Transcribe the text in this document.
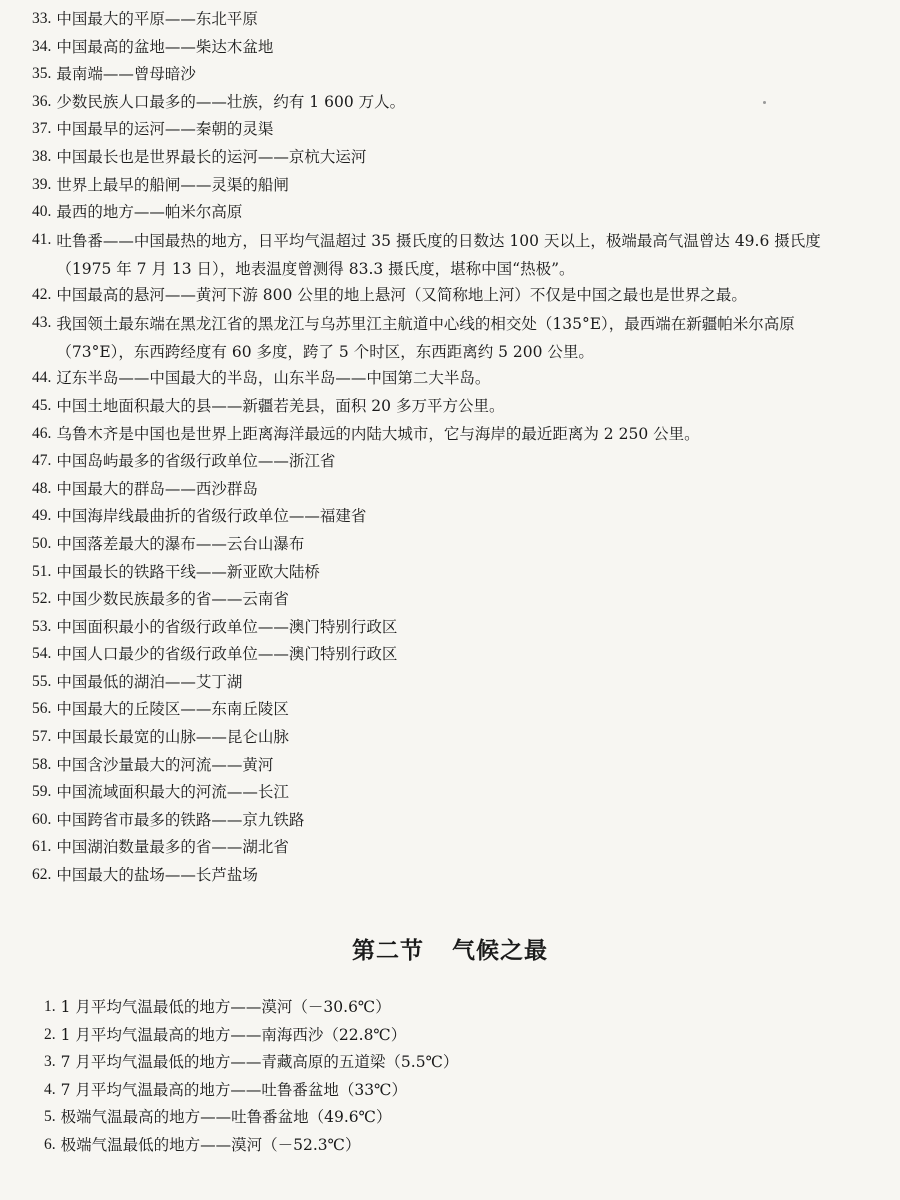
33. 中国最大的平原——东北平原
34. 中国最高的盆地——柴达木盆地
35. 最南端——曾母暗沙
36. 少数民族人口最多的——壮族，约有 1 600 万人。
37. 中国最早的运河——秦朝的灵渠
38. 中国最长也是世界最长的运河——京杭大运河
39. 世界上最早的船闸——灵渠的船闸
40. 最西的地方——帕米尔高原
41. 吐鲁番——中国最热的地方，日平均气温超过 35 摄氏度的日数达 100 天以上，极端最高气温曾达 49.6 摄氏度（1975 年 7 月 13 日），地表温度曾测得 83.3 摄氏度，堪称中国“热极”。
42. 中国最高的悬河——黄河下游 800 公里的地上悬河（又简称地上河）不仅是中国之最也是世界之最。
43. 我国领土最东端在黑龙江省的黑龙江与乌苏里江主航道中心线的相交处（135°E），最西端在新疆帕米尔高原（73°E），东西跨经度有 60 多度，跨了 5 个时区，东西距离约 5 200 公里。
44. 辽东半岛——中国最大的半岛，山东半岛——中国第二大半岛。
45. 中国土地面积最大的县——新疆若羌县，面积 20 多万平方公里。
46. 乌鲁木齐是中国也是世界上距离海洋最远的内陆大城市，它与海岸的最近距离为 2 250 公里。
47. 中国岛屿最多的省级行政单位——浙江省
48. 中国最大的群岛——西沙群岛
49. 中国海岸线最曲折的省级行政单位——福建省
50. 中国落差最大的瀑布——云台山瀑布
51. 中国最长的铁路干线——新亚欧大陆桥
52. 中国少数民族最多的省——云南省
53. 中国面积最小的省级行政单位——澳门特别行政区
54. 中国人口最少的省级行政单位——澳门特别行政区
55. 中国最低的湖泊——艾丁湖
56. 中国最大的丘陵区——东南丘陵区
57. 中国最长最宽的山脉——昆仑山脉
58. 中国含沙量最大的河流——黄河
59. 中国流域面积最大的河流——长江
60. 中国跨省市最多的铁路——京九铁路
61. 中国湖泊数量最多的省——湖北省
62. 中国最大的盐场——长芦盐场
第二节 气候之最
1. 1 月平均气温最低的地方——漠河（－30.6℃）
2. 1 月平均气温最高的地方——南海西沙（22.8℃）
3. 7 月平均气温最低的地方——青藏高原的五道梁（5.5℃）
4. 7 月平均气温最高的地方——吐鲁番盆地（33℃）
5. 极端气温最高的地方——吐鲁番盆地（49.6℃）
6. 极端气温最低的地方——漠河（－52.3℃）
